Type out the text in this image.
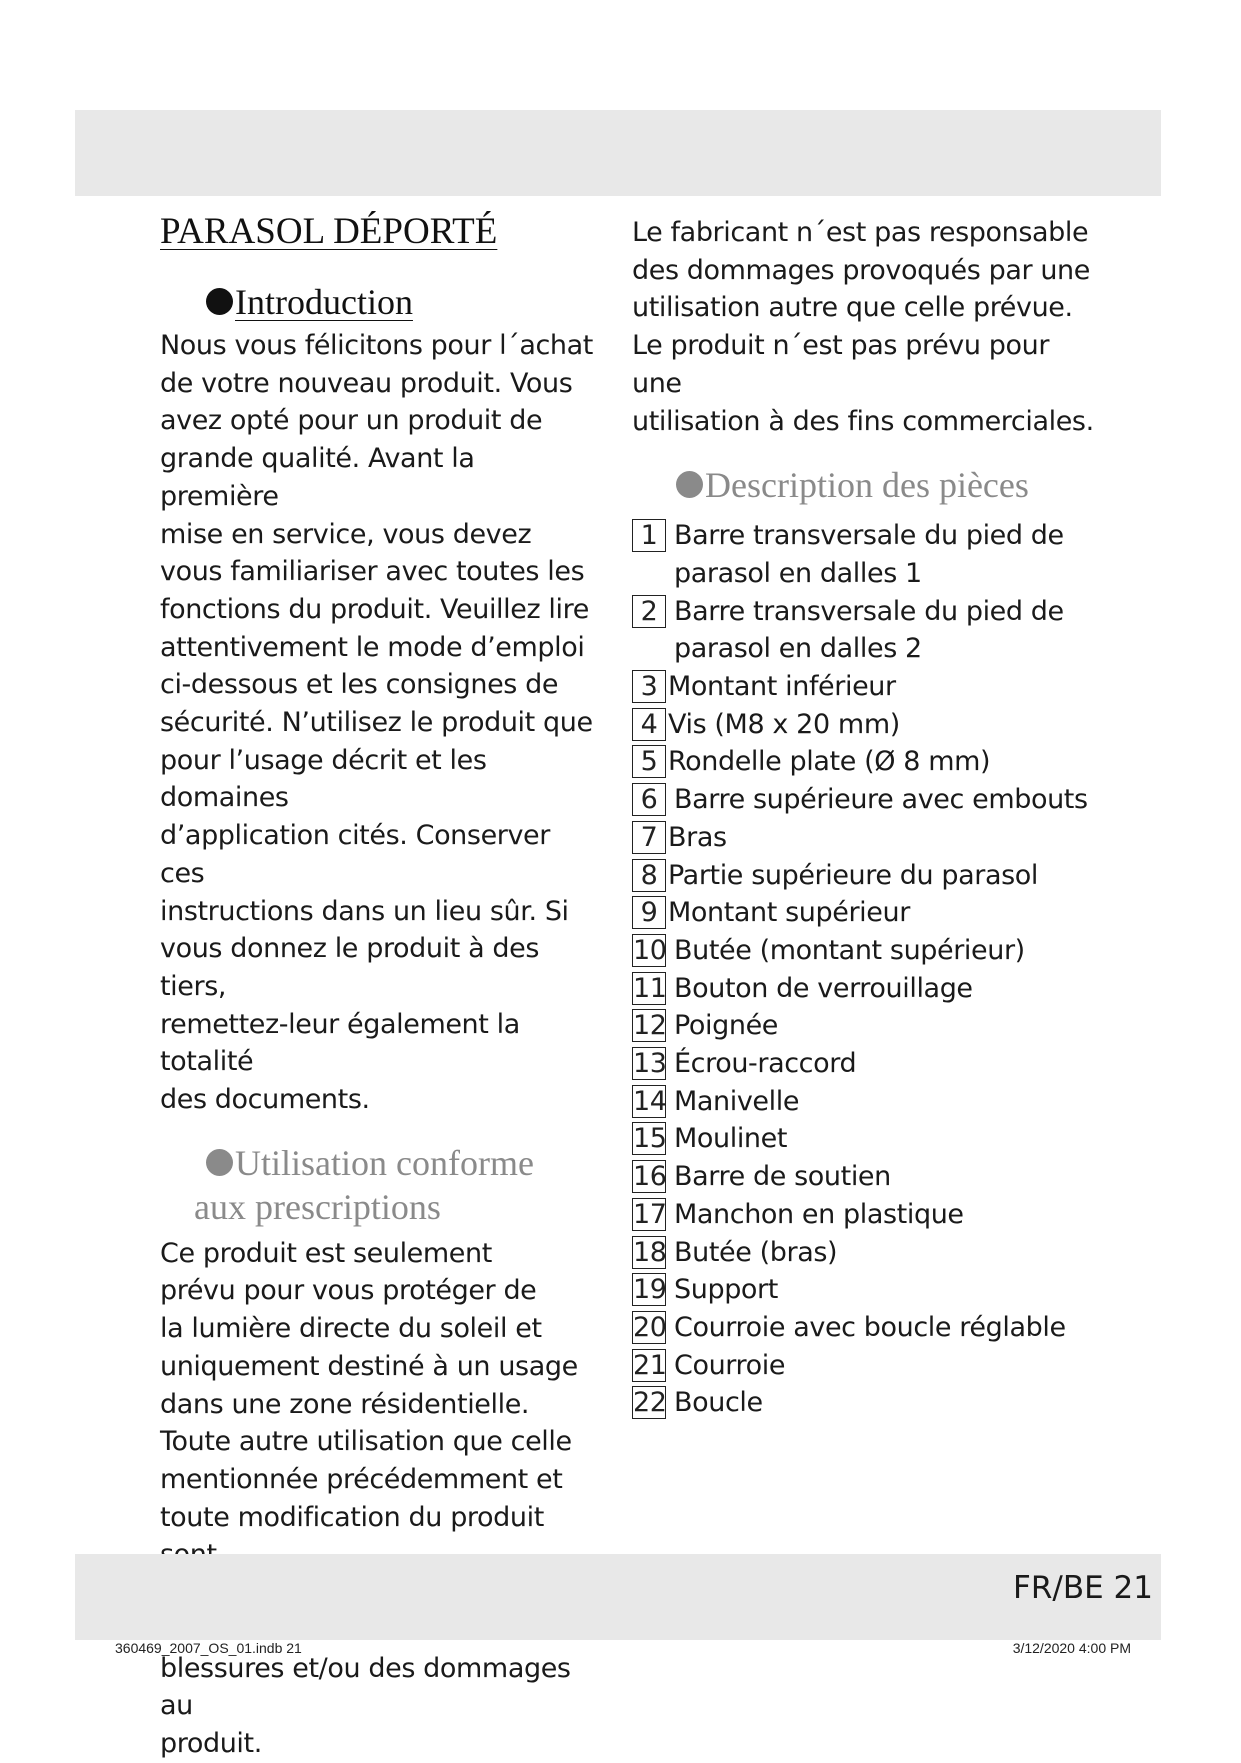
PARASOL DÉPORTÉ
Introduction

Nous vous félicitons pour l´achat
de votre nouveau produit. Vous
avez opté pour un produit de
grande qualité. Avant la première
mise en service, vous devez
vous familiariser avec toutes les
fonctions du produit. Veuillez lire
attentivement le mode d’emploi
ci-dessous et les consignes de
sécurité. N’utilisez le produit que
pour l’usage décrit et les domaines
d’application cités. Conserver ces
instructions dans un lieu sûr. Si
vous donnez le produit à des tiers,
remettez-leur également la totalité
des documents.

Utilisation conforme
aux prescriptions

Ce produit est seulement
prévu pour vous protéger de
la lumière directe du soleil et
uniquement destiné à un usage
dans une zone résidentielle.
Toute autre utilisation que celle
mentionnée précédemment et
toute modification du produit

blessures et/ou des dommages au
produit.

Le fabricant n´est pas responsable
des dommages provoqués par une
utilisation autre que celle prévue.
Le produit n´est pas prévu pour une
utilisation à des fins commerciales.

Description des pièces
1 Barre transversale du pied de
parasol en dalles 1
2 Barre transversale du pied de
parasol en dalles 2
3 Montant inférieur
4 Vis (M8 x 20 mm)
5 Rondelle plate (Ø 8 mm)
6 Barre supérieure avec embouts
7 Bras
8 Partie supérieure du parasol
9 Montant supérieur
10 Butée (montant supérieur)
11 Bouton de verrouillage
12 Poignée
13 Écrou-raccord
14 Manivelle
15 Moulinet
16 Barre de soutien
17 Manchon en plastique
18 Butée (bras)
19 Support
20 Courroie avec boucle réglable
21 Courroie
22 Boucle
FR/BE 21
360469_2007_OS_01.indb 21	3/12/2020 4:00 PM
